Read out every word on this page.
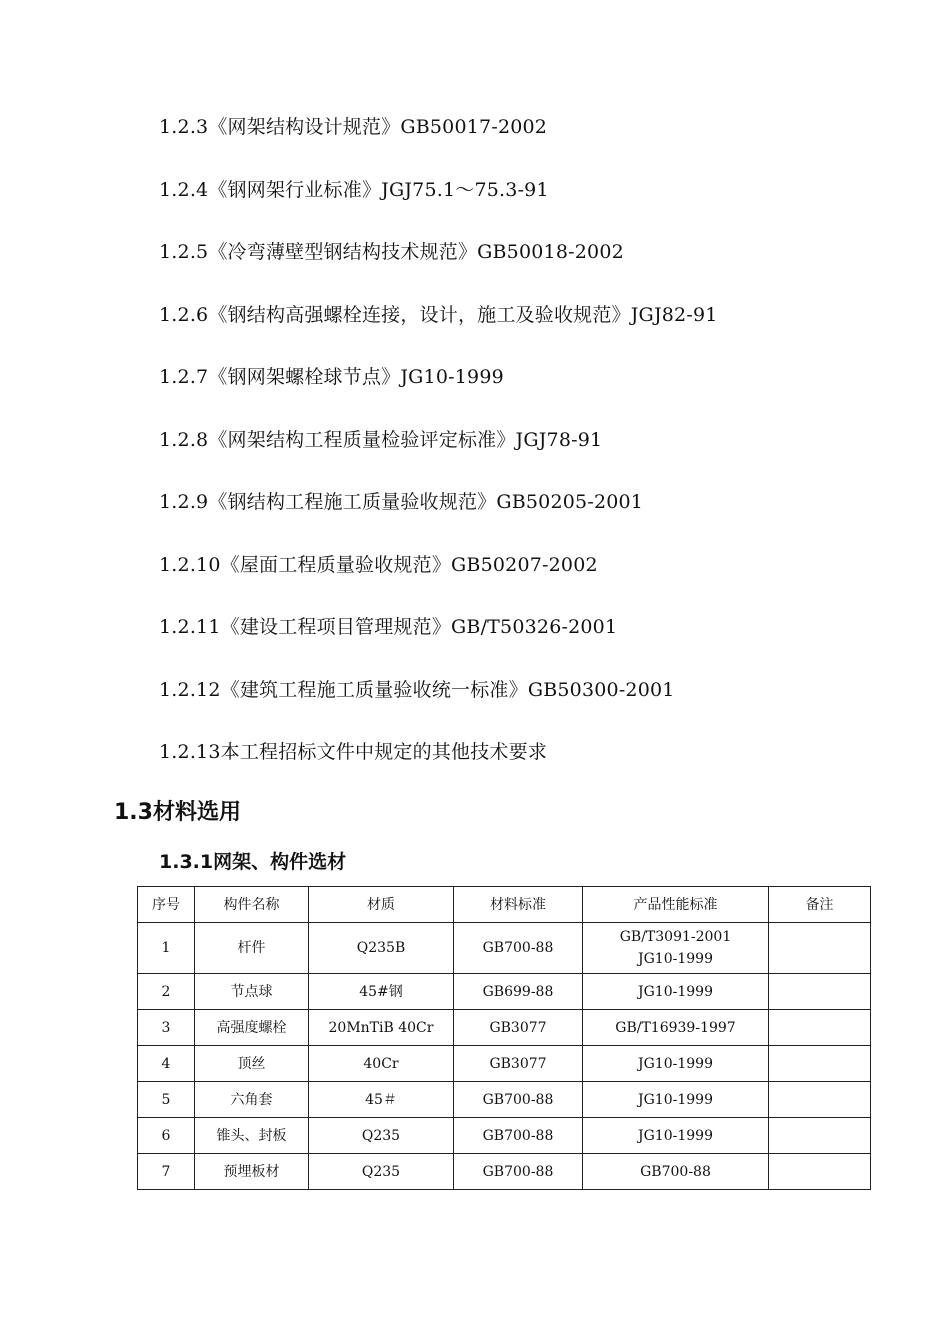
1.2.3《网架结构设计规范》GB50017-2002
1.2.4《钢网架行业标准》JGJ75.1～75.3-91
1.2.5《冷弯薄壁型钢结构技术规范》GB50018-2002
1.2.6《钢结构高强螺栓连接，设计，施工及验收规范》JGJ82-91
1.2.7《钢网架螺栓球节点》JG10-1999
1.2.8《网架结构工程质量检验评定标准》JGJ78-91
1.2.9《钢结构工程施工质量验收规范》GB50205-2001
1.2.10《屋面工程质量验收规范》GB50207-2002
1.2.11《建设工程项目管理规范》GB/T50326-2001
1.2.12《建筑工程施工质量验收统一标准》GB50300-2001
1.2.13本工程招标文件中规定的其他技术要求
1.3材料选用
1.3.1网架、构件选材
序号	构件名称	材质	材料标准	产品性能标准	备注
1	杆件	Q235B	GB700-88	GB/T3091-2001
JG10-1999	

2	节点球	45#钢	GB699-88	JG10-1999	
3	高强度螺栓	20MnTiB 40Cr	GB3077	GB/T16939-1997	
4	顶丝	40Cr	GB3077	JG10-1999	
5	六角套	45＃	GB700-88	JG10-1999	
6	锥头、封板	Q235	GB700-88	JG10-1999	
7	预埋板材	Q235	GB700-88	GB700-88	
